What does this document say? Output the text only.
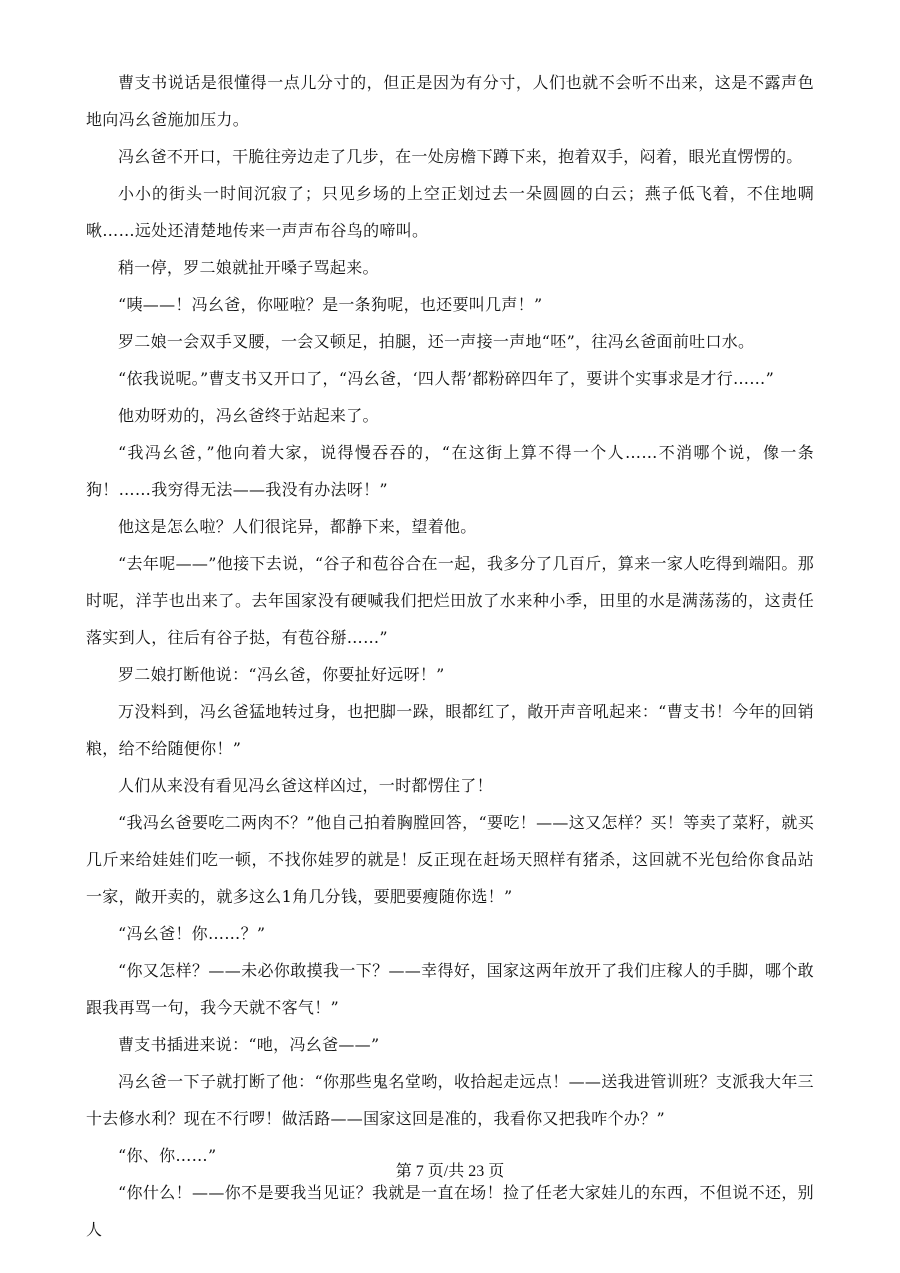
曹支书说话是很懂得一点儿分寸的，但正是因为有分寸，人们也就不会听不出来，这是不露声色地向冯幺爸施加压力。

冯幺爸不开口，干脆往旁边走了几步，在一处房檐下蹲下来，抱着双手，闷着，眼光直愣愣的。

小小的街头一时间沉寂了；只见乡场的上空正划过去一朵圆圆的白云；燕子低飞着，不住地啁啾……远处还清楚地传来一声声布谷鸟的啼叫。

稍一停，罗二娘就扯开嗓子骂起来。

“咦——！冯幺爸，你哑啦？是一条狗呢，也还要叫几声！”

罗二娘一会双手叉腰，一会又顿足，拍腿，还一声接一声地“呸”，往冯幺爸面前吐口水。

“依我说呢。”曹支书又开口了，“冯幺爸，‘四人帮’都粉碎四年了，要讲个实事求是才行……”

他劝呀劝的，冯幺爸终于站起来了。

“我冯幺爸，”他向着大家，说得慢吞吞的，“在这街上算不得一个人……不消哪个说，像一条狗！……我穷得无法——我没有办法呀！”

他这是怎么啦？人们很诧异，都静下来，望着他。

“去年呢——”他接下去说，“谷子和苞谷合在一起，我多分了几百斤，算来一家人吃得到端阳。那时呢，洋芋也出来了。去年国家没有硬喊我们把烂田放了水来种小季，田里的水是满荡荡的，这责任落实到人，往后有谷子挞，有苞谷掰……”

罗二娘打断他说：“冯幺爸，你要扯好远呀！”

万没料到，冯幺爸猛地转过身，也把脚一跺，眼都红了，敞开声音吼起来：“曹支书！今年的回销粮，给不给随便你！”

人们从来没有看见冯幺爸这样凶过，一时都愣住了！

“我冯幺爸要吃二两肉不？”他自己拍着胸膛回答，“要吃！——这又怎样？买！等卖了菜籽，就买几斤来给娃娃们吃一顿，不找你娃罗的就是！反正现在赶场天照样有猪杀，这回就不光包给你食品站一家，敞开卖的，就多这么1角几分钱，要肥要瘦随你选！”

“冯幺爸！你……？”

“你又怎样？——未必你敢摸我一下？——幸得好，国家这两年放开了我们庄稼人的手脚，哪个敢跟我再骂一句，我今天就不客气！”

曹支书插进来说：“吔，冯幺爸——”

冯幺爸一下子就打断了他：“你那些鬼名堂哟，收拾起走远点！——送我进管训班？支派我大年三十去修水利？现在不行啰！做活路——国家这回是准的，我看你又把我咋个办？”

“你、你……”

“你什么！——你不是要我当见证？我就是一直在场！捡了任老大家娃儿的东西，不但说不还，别人

第 7 页/共 23 页
